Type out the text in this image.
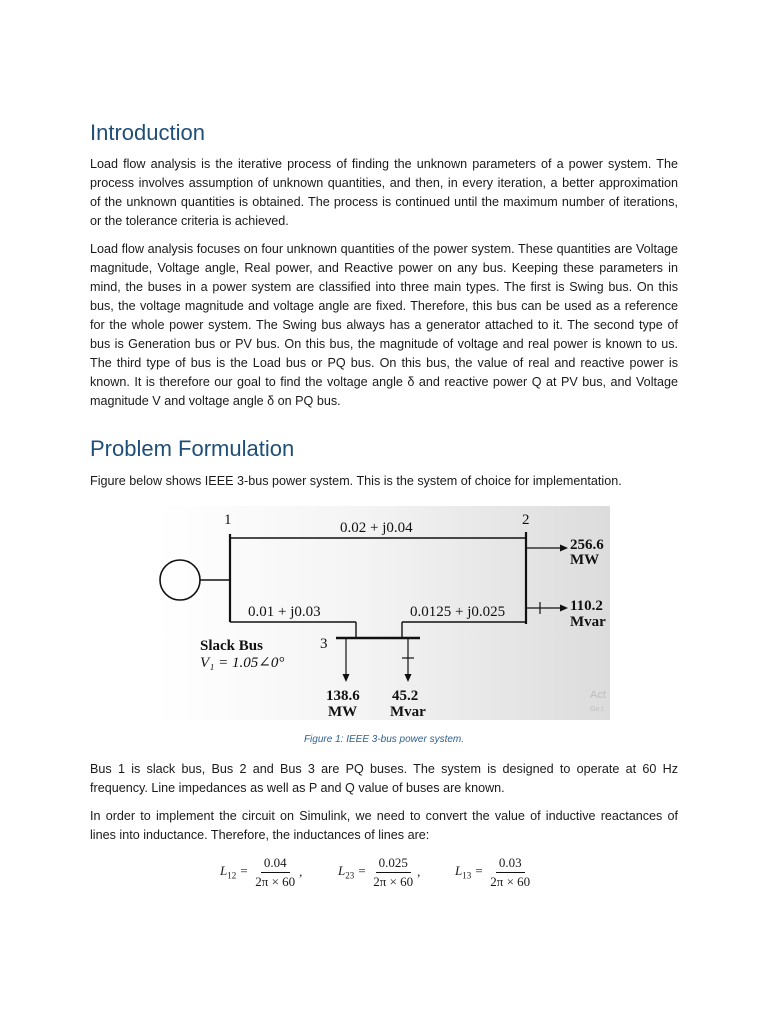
Introduction

Load flow analysis is the iterative process of finding the unknown parameters of a power system. The process involves assumption of unknown quantities, and then, in every iteration, a better approximation of the unknown quantities is obtained. The process is continued until the maximum number of iterations, or the tolerance criteria is achieved.

Load flow analysis focuses on four unknown quantities of the power system. These quantities are Voltage magnitude, Voltage angle, Real power, and Reactive power on any bus. Keeping these parameters in mind, the buses in a power system are classified into three main types. The first is Swing bus. On this bus, the voltage magnitude and voltage angle are fixed. Therefore, this bus can be used as a reference for the whole power system. The Swing bus always has a generator attached to it. The second type of bus is Generation bus or PV bus. On this bus, the magnitude of voltage and real power is known to us. The third type of bus is the Load bus or PQ bus. On this bus, the value of real and reactive power is known. It is therefore our goal to find the voltage angle δ and reactive power Q at PV bus, and Voltage magnitude V and voltage angle δ on PQ bus.

Problem Formulation

Figure below shows IEEE 3-bus power system. This is the system of choice for implementation.

1	2
3
0.02 + j0.04
0.01 + j0.03	0.0125 + j0.025
Slack Bus
V₁ = 1.05∠0°
256.6
MW
110.2
Mvar
138.6
MW
45.2
Mvar
Act
Go t
Figure 1: IEEE 3-bus power system.

Bus 1 is slack bus, Bus 2 and Bus 3 are PQ buses. The system is designed to operate at 60 Hz frequency. Line impedances as well as P and Q value of buses are known.

In order to implement the circuit on Simulink, we need to convert the value of inductive reactances of lines into inductance. Therefore, the inductances of lines are:

$L_{12} = \frac{0.04}{2\pi \times 60}$ ,	$L_{23} = \frac{0.025}{2\pi \times 60}$ ,	$L_{13} = \frac{0.03}{2\pi \times 60}$
